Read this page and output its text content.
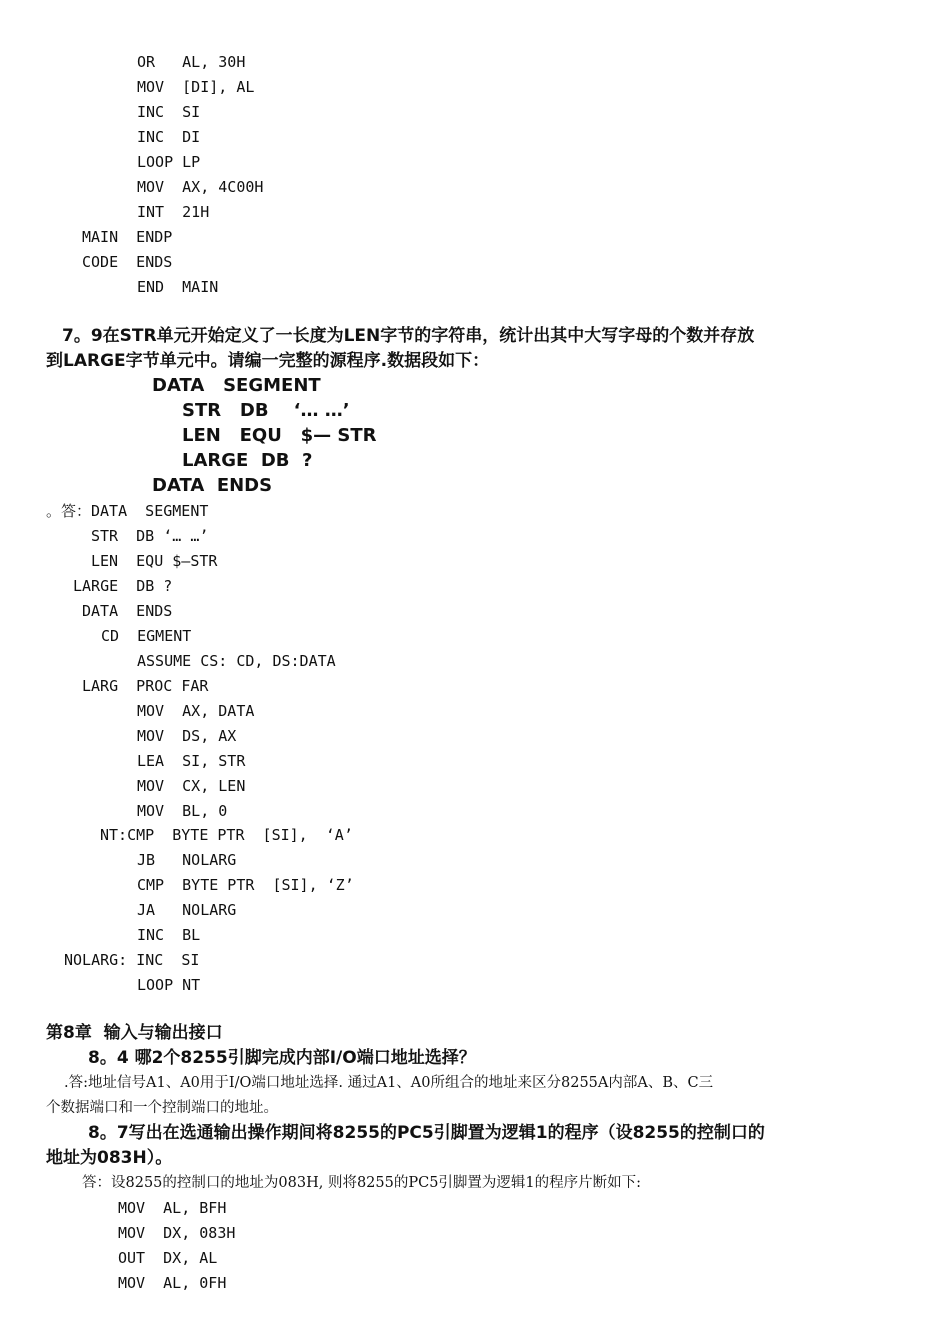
OR   AL, 30H
MOV  [DI], AL
INC  SI
INC  DI
LOOP LP
MOV  AX, 4C00H
INT  21H
MAIN  ENDP
CODE  ENDS
END  MAIN
7。9在STR单元开始定义了一长度为LEN字节的字符串，统计出其中大写字母的个数并存放
到LARGE字节单元中。请编一完整的源程序.数据段如下：
DATA   SEGMENT
STR   DB    ‘… …’
LEN   EQU   $— STR
LARGE  DB  ?
DATA  ENDS
。答：DATA  SEGMENT
STR  DB ‘… …’
LEN  EQU $—STR
LARGE  DB ?
DATA  ENDS
CD  EGMENT
ASSUME CS: CD, DS:DATA
LARG  PROC FAR
MOV  AX, DATA
MOV  DS, AX
LEA  SI, STR
MOV  CX, LEN
MOV  BL, 0
NT:CMP  BYTE PTR  [SI],  ‘A’
JB   NOLARG
CMP  BYTE PTR  [SI], ‘Z’
JA   NOLARG
INC  BL
NOLARG: INC  SI
LOOP NT
第8章  输入与输出接口
8。4 哪2个8255引脚完成内部I/O端口地址选择？
.答:地址信号A1、A0用于I/O端口地址选择. 通过A1、A0所组合的地址来区分8255A内部A、B、C三
个数据端口和一个控制端口的地址。
8。7写出在选通输出操作期间将8255的PC5引脚置为逻辑1的程序（设8255的控制口的
地址为083H）。
答：设8255的控制口的地址为083H, 则将8255的PC5引脚置为逻辑1的程序片断如下:
MOV  AL, BFH
MOV  DX, 083H
OUT  DX, AL
MOV  AL, 0FH
